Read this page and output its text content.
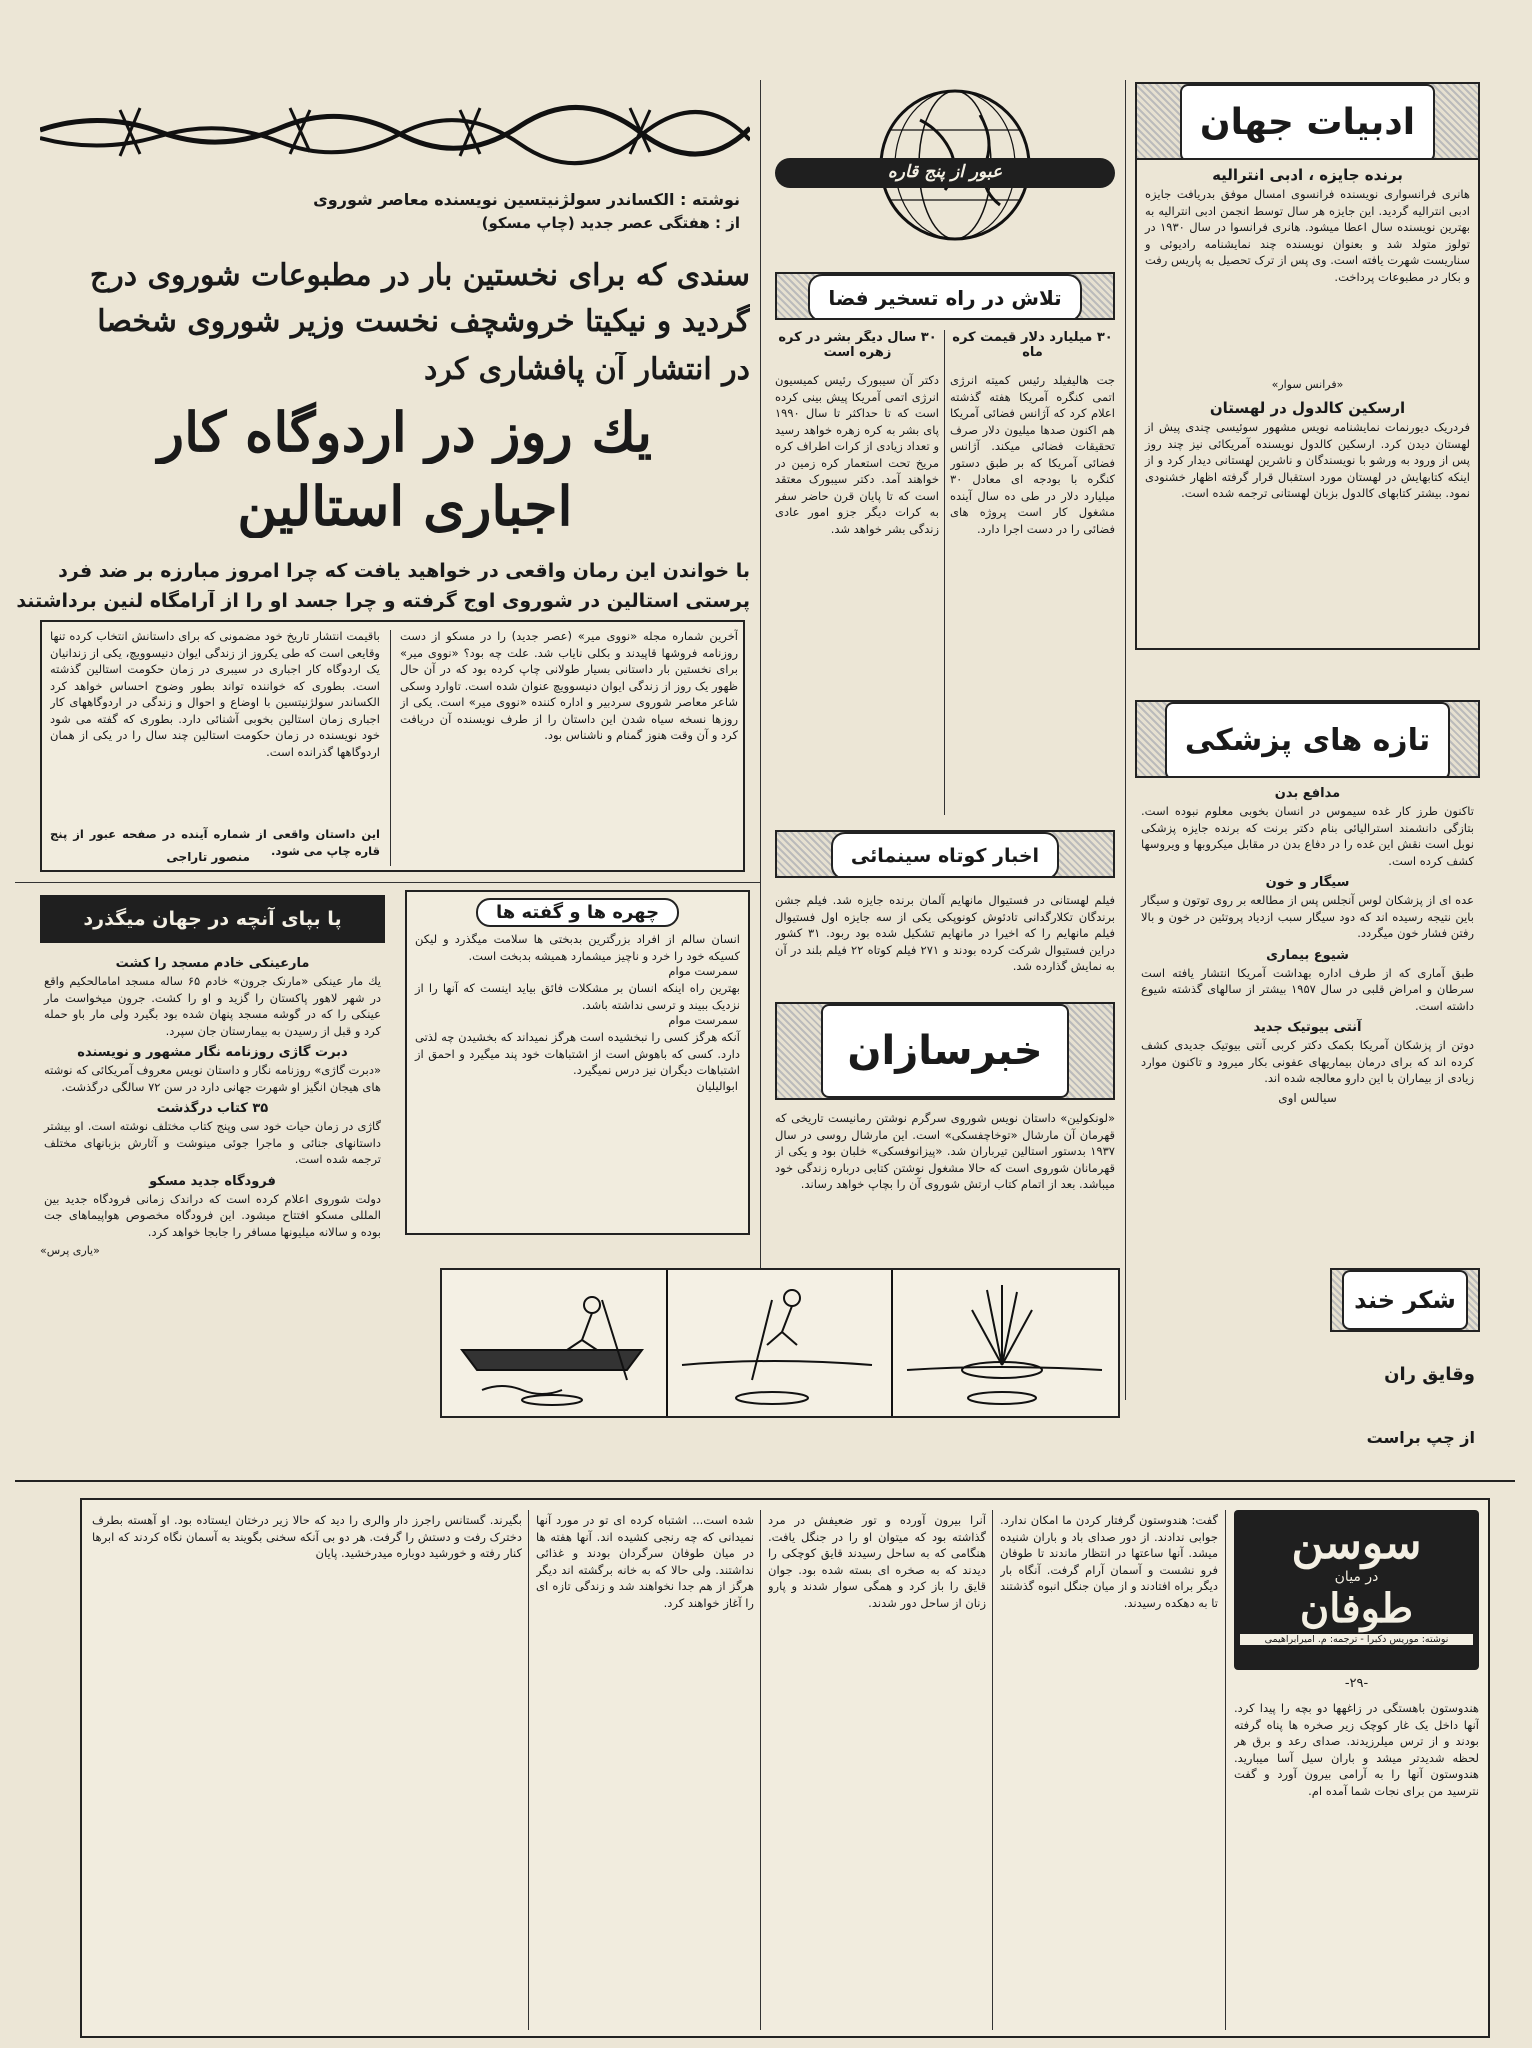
نوشته : الکساندر سولژنیتسین نویسنده معاصر شوروی
از : هفتگی عصر جدید (چاپ مسکو)
سندی که برای نخستین بار در مطبوعات شوروی درج
گردید و نیکیتا خروشچف نخست وزیر شوروی شخصا
در انتشار آن پافشاری کرد
یك روز در اردوگاه کار
اجباری استالین
با خواندن این رمان واقعی در خواهید یافت که چرا امروز مبارزه بر ضد فرد
پرستی استالین در شوروی اوج گرفته و چرا جسد او را از آرامگاه لنین برداشتند
باقیمت انتشار تاریخ خود مضمونی که برای داستانش انتخاب کرده تنها وقایعی است که طی یکروز از زندگی ایوان دنیسوویچ، یکی از زندانیان یک اردوگاه کار اجباری در سیبری در زمان حکومت استالین گذشته است. بطوری که خواننده تواند بطور وضوح احساس خواهد کرد الکساندر سولژنیتسین با اوضاع و احوال و زندگی در اردوگاههای کار اجباری زمان استالین بخوبی آشنائی دارد. بطوری که گفته می شود خود نویسنده در زمان حکومت استالین چند سال را در یکی از همان اردوگاهها گذرانده است.
آخرین شماره مجله «نووی میر» (عصر جدید) را در مسکو از دست روزنامه فروشها قاپیدند و بکلی نایاب شد. علت چه بود؟ «نووی میر» برای نخستین بار داستانی بسیار طولانی چاپ کرده بود که در آن حال ظهور یک روز از زندگی ایوان دنیسوویچ عنوان شده است. تاوارد وسکی شاعر معاصر شوروی سردبیر و اداره کننده «نووی میر» است. یکی از روزها نسخه سیاه شدن این داستان را از طرف نویسنده آن دریافت کرد و آن وقت هنوز گمنام و ناشناس بود.
این داستان واقعی از شماره آینده در صفحه عبور از پنج قاره چاپ می شود.
منصور تاراجی
عبور از پنج قاره
تلاش در راه تسخیر فضا
۳۰ میلیارد دلار قیمت کره ماه
۳۰ سال دیگر بشر در کره زهره است
جت هالیفیلد رئیس کمیته انرژی اتمی کنگره آمریکا هفته گذشته اعلام کرد که آژانس فضائی آمریکا هم اکنون صدها میلیون دلار صرف تحقیقات فضائی میکند. آژانس فضائی آمریکا که بر طبق دستور کنگره با بودجه ای معادل ۳۰ میلیارد دلار در طی ده سال آینده مشغول کار است پروژه های فضائی را در دست اجرا دارد.
دکتر آن سیبورک رئیس کمیسیون انرژی اتمی آمریکا پیش بینی کرده است که تا حداکثر تا سال ۱۹۹۰ پای بشر به کره زهره خواهد رسید و تعداد زیادی از کرات اطراف کره مریخ تحت استعمار کره زمین در خواهند آمد. دکتر سیبورک معتقد است که تا پایان قرن حاضر سفر به کرات دیگر جزو امور عادی زندگی بشر خواهد شد.
اخبار کوتاه سینمائی
فیلم لهستانی در فستیوال مانهایم آلمان برنده جایزه شد. فیلم جشن برندگان تکلارگدانی تادئوش کونوپکی یکی از سه جایزه اول فستیوال فیلم مانهایم را که اخیرا در مانهایم تشکیل شده بود ربود. ۳۱ کشور دراین فستیوال شرکت کرده بودند و ۲۷۱ فیلم کوتاه ۲۲ فیلم بلند در آن به نمایش گذارده شد.
خبرسازان
«لونکولین» داستان نویس شوروی سرگرم نوشتن رمانیست تاریخی که قهرمان آن مارشال «توخاچفسکی» است. این مارشال روسی در سال ۱۹۳۷ بدستور استالین تیرباران شد. «پیزانوفسکی» خلبان بود و یکی از قهرمانان شوروی است که حالا مشغول نوشتن کتابی درباره زندگی خود میباشد. بعد از اتمام کتاب ارتش شوروی آن را بچاپ خواهد رساند.
ادبیات جهان
برنده جایزه ، ادبی انترالیه
هانری فرانسواری نویسنده فرانسوی امسال موفق بدریافت جایزه ادبی انترالیه گردید. این جایزه هر سال توسط انجمن ادبی انترالیه به بهترین نویسنده سال اعطا میشود. هانری فرانسوا در سال ۱۹۳۰ در تولوز متولد شد و بعنوان نویسنده چند نمایشنامه رادیوئی و سناریست شهرت یافته است. وی پس از ترک تحصیل به پاریس رفت و بکار در مطبوعات پرداخت.
«فرانس سوار»
ارسکین کالدول در لهستان
فردریک دیورنمات نمایشنامه نویس مشهور سوئیسی چندی پیش از لهستان دیدن کرد. ارسکین کالدول نویسنده آمریکائی نیز چند روز پس از ورود به ورشو با نویسندگان و ناشرین لهستانی دیدار کرد و از اینکه کتابهایش در لهستان مورد استقبال قرار گرفته اظهار خشنودی نمود. بیشتر کتابهای کالدول بزبان لهستانی ترجمه شده است.
تازه های پزشکی
مدافع بدن
تاکنون طرز کار غده سیموس در انسان بخوبی معلوم نبوده است. بتازگی دانشمند استرالیائی بنام دکتر برنت که برنده جایزه پزشکی نوبل است نقش این غده را در دفاع بدن در مقابل میکروبها و ویروسها کشف کرده است.
سیگار و خون
عده ای از پزشکان لوس آنجلس پس از مطالعه بر روی توتون و سیگار باین نتیجه رسیده اند که دود سیگار سبب ازدیاد پروتئین در خون و بالا رفتن فشار خون میگردد.
شیوع بیماری
طبق آماری که از طرف اداره بهداشت آمریکا انتشار یافته است سرطان و امراض قلبی در سال ۱۹۵۷ بیشتر از سالهای گذشته شیوع داشته است.
آنتی بیوتیک جدید
دوتن از پزشکان آمریکا بکمک دکتر کربی آنتی بیوتیک جدیدی کشف کرده اند که برای درمان بیماریهای عفونی بکار میرود و تاکنون موارد زیادی از بیماران با این دارو معالجه شده اند.
سیالس اوی
پا بپای آنچه در جهان میگذرد
مارعینکی خادم مسجد را کشت
یك مار عینکی «مارنک جرون» خادم ۶۵ ساله مسجد امامالحکیم واقع در شهر لاهور پاکستان را گزید و او را کشت. جرون میخواست مار عینکی را که در گوشه مسجد پنهان شده بود بگیرد ولی مار باو حمله کرد و قبل از رسیدن به بیمارستان جان سپرد.
دبرت گاژی روزنامه نگار مشهور و نویسنده
«دبرت گاژی» روزنامه نگار و داستان نویس معروف آمریکائی که نوشته های هیجان انگیز او شهرت جهانی دارد در سن ۷۲ سالگی درگذشت.
۳۵ کتاب درگذشت
گاژی در زمان حیات خود سی وپنج کتاب مختلف نوشته است. او بیشتر داستانهای جنائی و ماجرا جوئی مینوشت و آثارش بزبانهای مختلف ترجمه شده است.
فرودگاه جدید مسکو
دولت شوروی اعلام کرده است که دراندک زمانی فرودگاه جدید بین المللی مسکو افتتاح میشود. این فرودگاه مخصوص هواپیماهای جت بوده و سالانه میلیونها مسافر را جابجا خواهد کرد.
«یاری پرس»
چهره ها و گفته ها
انسان سالم از افراد بزرگترین بدبختی ها سلامت میگذرد و لیکن کسیکه خود را خرد و ناچیز میشمارد همیشه بدبخت است.
سمرست موام
بهترین راه اینکه انسان بر مشکلات فائق بیاید اینست که آنها را از نزدیک ببیند و ترسی نداشته باشد.
سمرست موام
آنکه هرگز کسی را نبخشیده است هرگز نمیداند که بخشیدن چه لذتی دارد. کسی که باهوش است از اشتباهات خود پند میگیرد و احمق از اشتباهات دیگران نیز درس نمیگیرد.
ابوالیلیان
شکر خند
وقایق ران
از چپ براست
سوسن
در میان
طوفان
نوشته: موریس دکبرا - ترجمه: م. امیرابراهیمی
-۲۹-
هندوستون باهستگی در زاغهها دو بچه را پیدا کرد. آنها داخل یک غار کوچک زیر صخره ها پناه گرفته بودند و از ترس میلرزیدند. صدای رعد و برق هر لحظه شدیدتر میشد و باران سیل آسا میبارید. هندوستون آنها را به آرامی بیرون آورد و گفت نترسید من برای نجات شما آمده ام.
گفت: هندوستون گرفتار کردن ما امکان ندارد. جوابی ندادند. از دور صدای باد و باران شنیده میشد. آنها ساعتها در انتظار ماندند تا طوفان فرو نشست و آسمان آرام گرفت. آنگاه بار دیگر براه افتادند و از میان جنگل انبوه گذشتند تا به دهکده رسیدند.
آنرا بیرون آورده و تور ضعیفش در مرد گذاشته بود که میتوان او را در جنگل یافت. هنگامی که به ساحل رسیدند قایق کوچکی را دیدند که به صخره ای بسته شده بود. جوان قایق را باز کرد و همگی سوار شدند و پارو زنان از ساحل دور شدند.
شده است... اشتباه کرده ای تو در مورد آنها نمیدانی که چه رنجی کشیده اند. آنها هفته ها در میان طوفان سرگردان بودند و غذائی نداشتند. ولی حالا که به خانه برگشته اند دیگر هرگز از هم جدا نخواهند شد و زندگی تازه ای را آغاز خواهند کرد.
بگیرند. گستانس راجرز دار والری را دید که حالا زیر درختان ایستاده بود. او آهسته بطرف دخترک رفت و دستش را گرفت. هر دو بی آنکه سخنی بگویند به آسمان نگاه کردند که ابرها کنار رفته و خورشید دوباره میدرخشید. پایان
